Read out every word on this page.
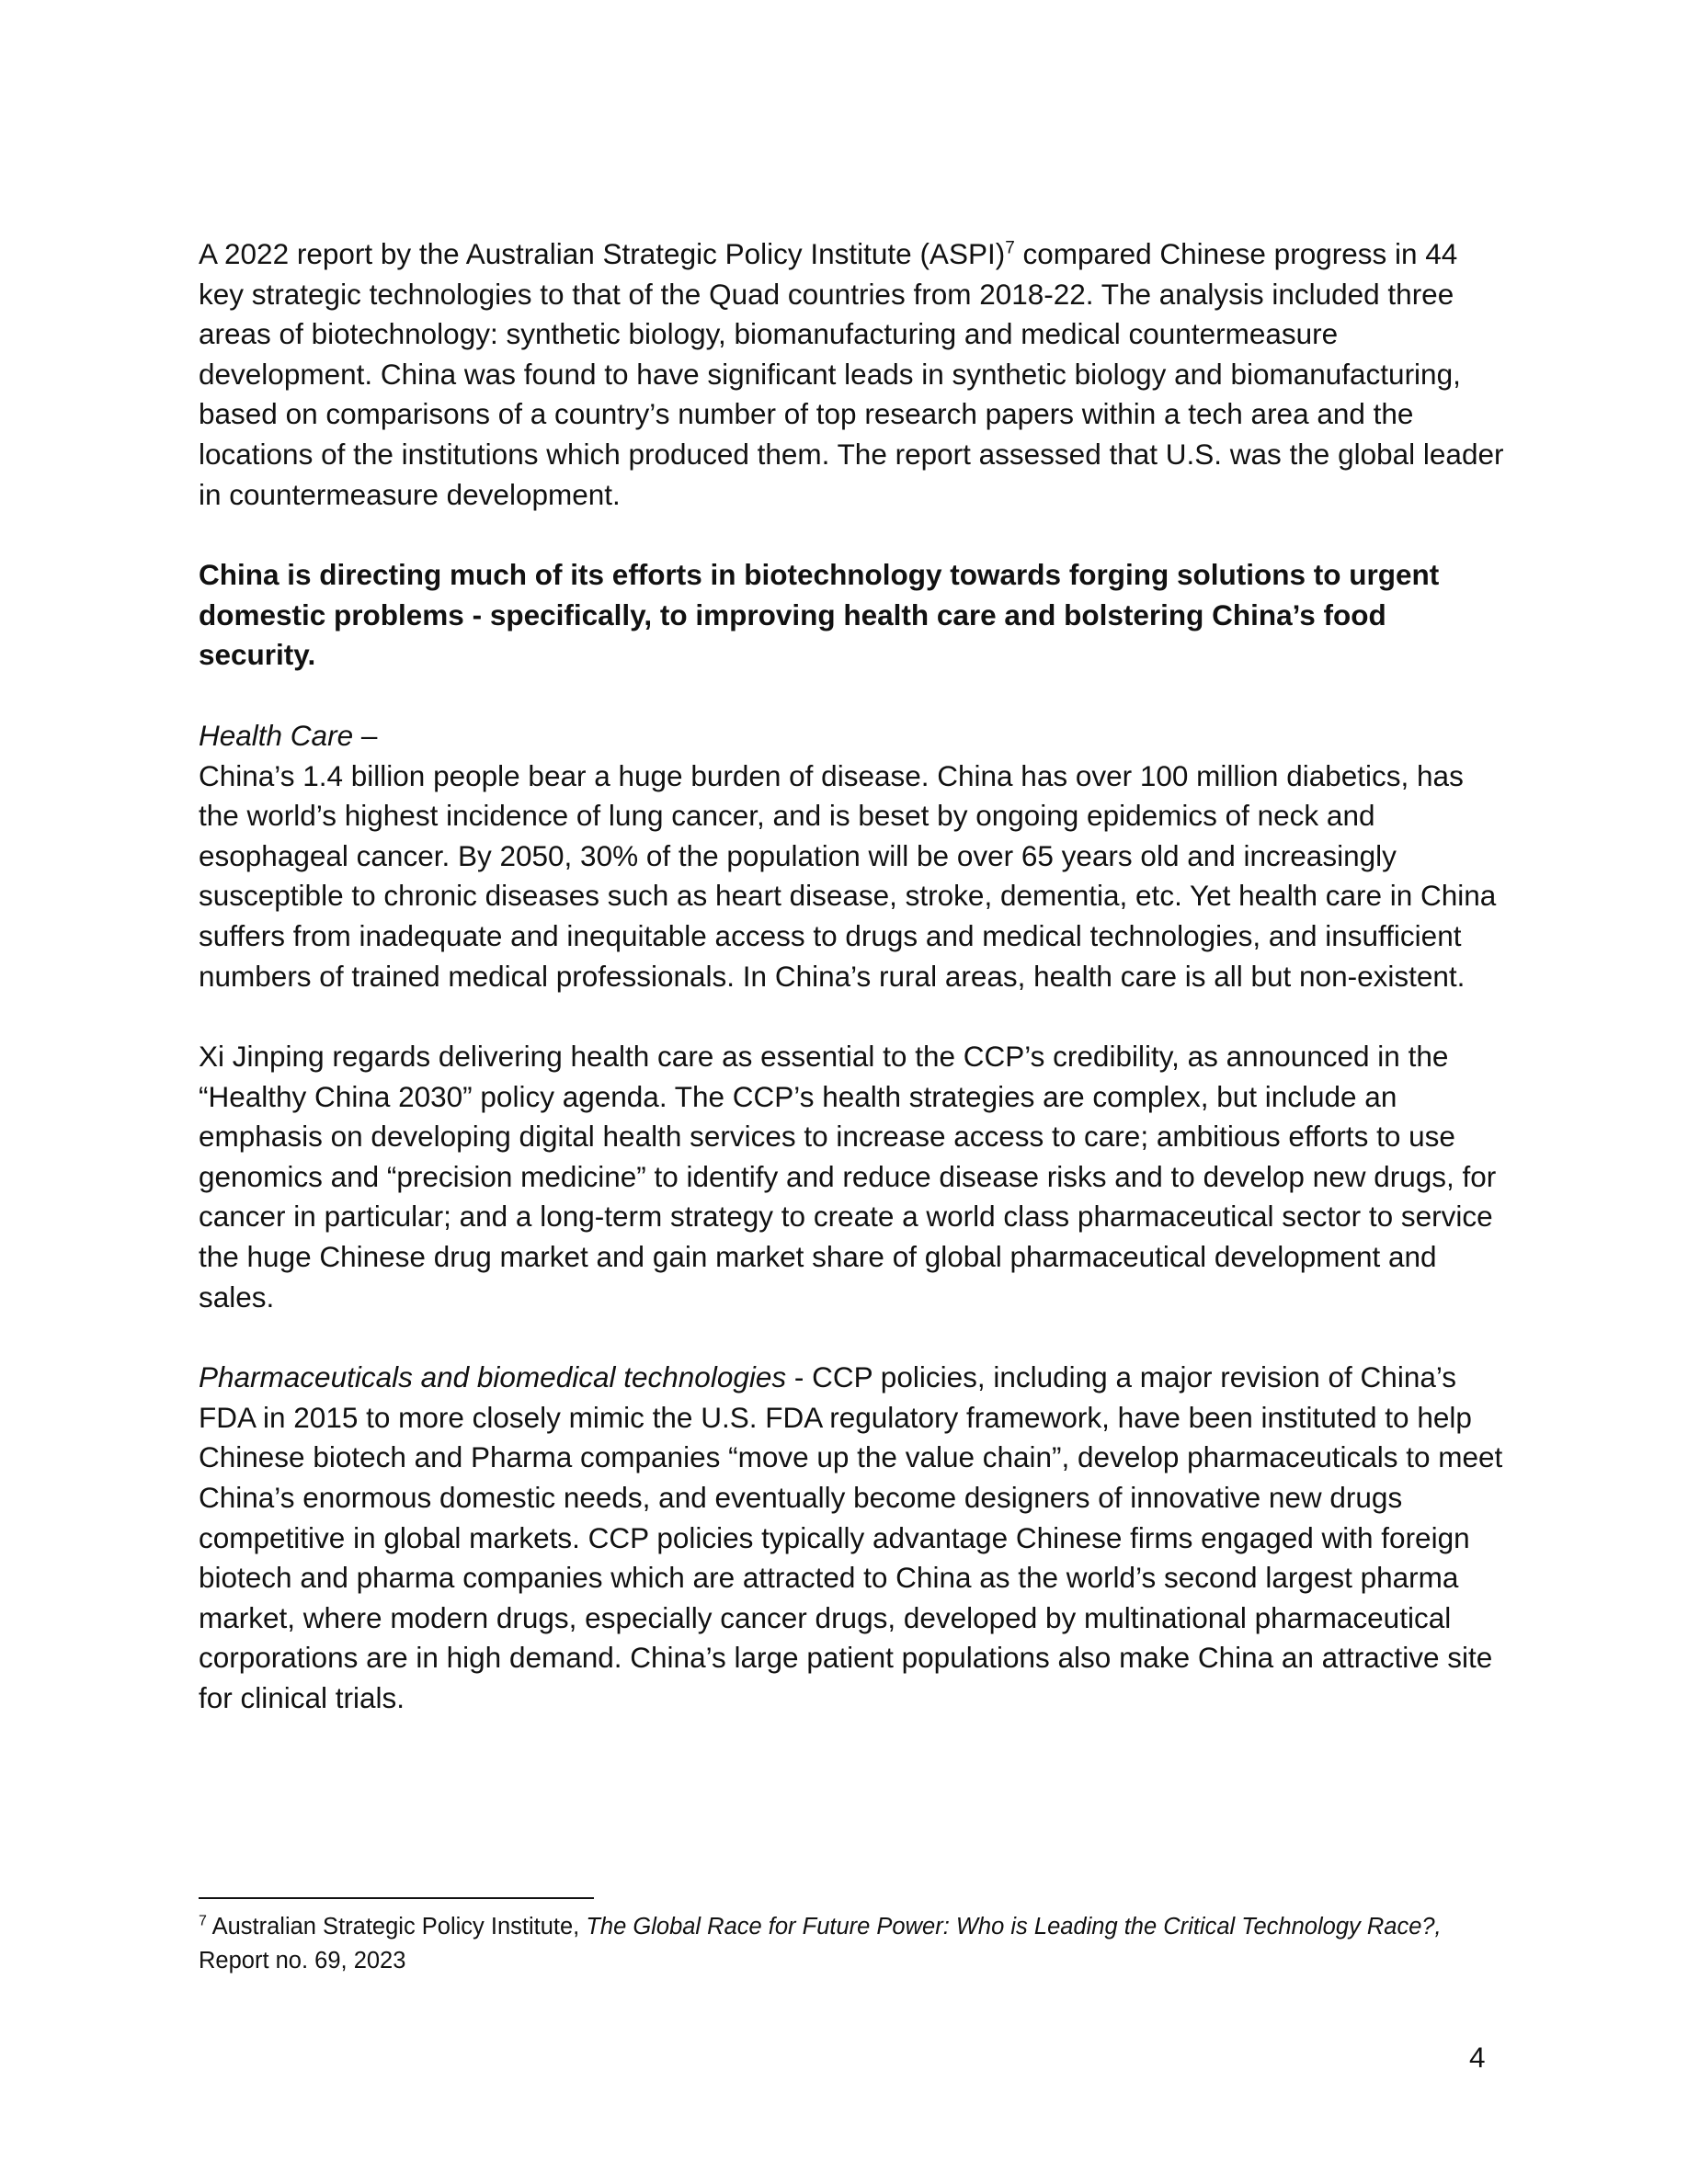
A 2022 report by the Australian Strategic Policy Institute (ASPI)$^7$ compared Chinese progress in 44 key strategic technologies to that of the Quad countries from 2018-22. The analysis included three areas of biotechnology: synthetic biology, biomanufacturing and medical countermeasure development. China was found to have significant leads in synthetic biology and biomanufacturing, based on comparisons of a country’s number of top research papers within a tech area and the locations of the institutions which produced them. The report assessed that U.S. was the global leader in countermeasure development.

China is directing much of its efforts in biotechnology towards forging solutions to urgent domestic problems - specifically, to improving health care and bolstering China’s food security.

Health Care –
China’s 1.4 billion people bear a huge burden of disease. China has over 100 million diabetics, has the world’s highest incidence of lung cancer, and is beset by ongoing epidemics of neck and esophageal cancer. By 2050, 30% of the population will be over 65 years old and increasingly susceptible to chronic diseases such as heart disease, stroke, dementia, etc. Yet health care in China suffers from inadequate and inequitable access to drugs and medical technologies, and insufficient numbers of trained medical professionals. In China’s rural areas, health care is all but non-existent.

Xi Jinping regards delivering health care as essential to the CCP’s credibility, as announced in the “Healthy China 2030” policy agenda. The CCP’s health strategies are complex, but include an emphasis on developing digital health services to increase access to care; ambitious efforts to use genomics and “precision medicine” to identify and reduce disease risks and to develop new drugs, for cancer in particular; and a long-term strategy to create a world class pharmaceutical sector to service the huge Chinese drug market and gain market share of global pharmaceutical development and sales.

Pharmaceuticals and biomedical technologies - CCP policies, including a major revision of China’s FDA in 2015 to more closely mimic the U.S. FDA regulatory framework, have been instituted to help Chinese biotech and Pharma companies “move up the value chain”, develop pharmaceuticals to meet China’s enormous domestic needs, and eventually become designers of innovative new drugs competitive in global markets. CCP policies typically advantage Chinese firms engaged with foreign biotech and pharma companies which are attracted to China as the world’s second largest pharma market, where modern drugs, especially cancer drugs, developed by multinational pharmaceutical corporations are in high demand. China’s large patient populations also make China an attractive site for clinical trials.

$^7$ Australian Strategic Policy Institute, The Global Race for Future Power: Who is Leading the Critical Technology Race?, Report no. 69, 2023
4
